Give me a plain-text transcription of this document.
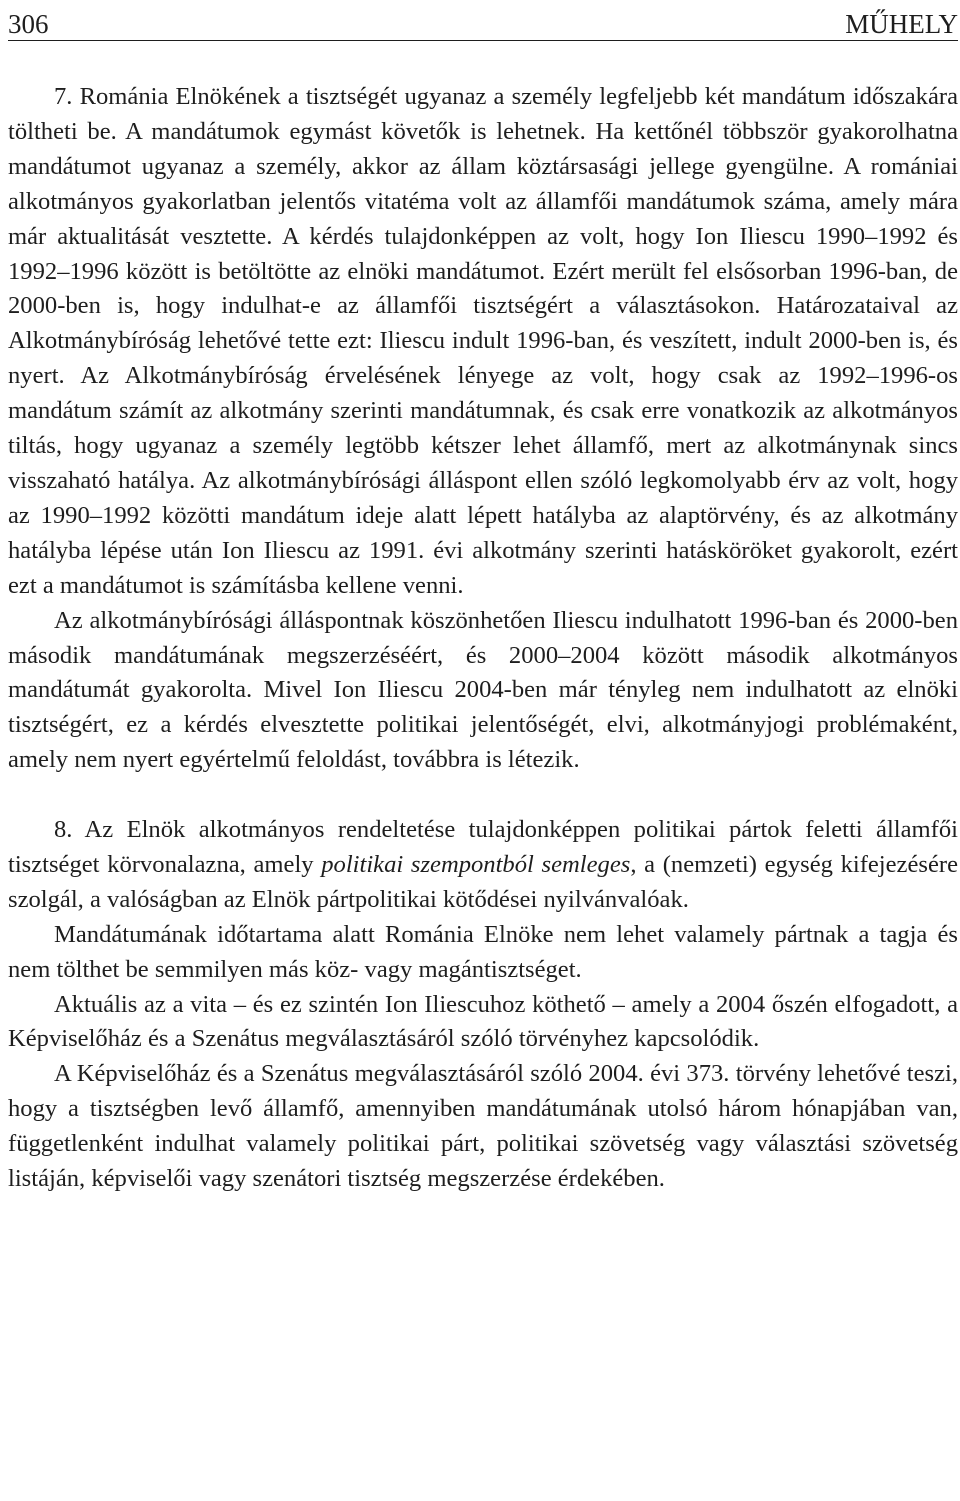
306	MŰHELY

7. Románia Elnökének a tisztségét ugyanaz a személy legfeljebb két mandátum időszakára töltheti be. A mandátumok egymást követők is lehetnek. Ha kettőnél többször gyakorolhatna mandátumot ugyanaz a személy, akkor az állam köztársasági jellege gyengülne. A romániai alkotmányos gyakorlatban jelentős vitatéma volt az államfői mandátumok száma, amely mára már aktualitását vesztette. A kérdés tulajdonképpen az volt, hogy Ion Iliescu 1990–1992 és 1992–1996 között is betöltötte az elnöki mandátumot. Ezért merült fel elsősorban 1996-ban, de 2000-ben is, hogy indulhat-e az államfői tisztségért a választásokon. Határozataival az Alkotmánybíróság lehetővé tette ezt: Iliescu indult 1996-ban, és veszített, indult 2000-ben is, és nyert. Az Alkotmánybíróság érvelésének lényege az volt, hogy csak az 1992–1996-os mandátum számít az alkotmány szerinti mandátumnak, és csak erre vonatkozik az alkotmányos tiltás, hogy ugyanaz a személy legtöbb kétszer lehet államfő, mert az alkotmánynak sincs visszaható hatálya. Az alkotmánybírósági álláspont ellen szóló legkomolyabb érv az volt, hogy az 1990–1992 közötti mandátum ideje alatt lépett hatályba az alaptörvény, és az alkotmány hatályba lépése után Ion Iliescu az 1991. évi alkotmány szerinti hatásköröket gyakorolt, ezért ezt a mandátumot is számításba kellene venni.

Az alkotmánybírósági álláspontnak köszönhetően Iliescu indulhatott 1996-ban és 2000-ben második mandátumának megszerzéséért, és 2000–2004 között második alkotmányos mandátumát gyakorolta. Mivel Ion Iliescu 2004-ben már tényleg nem indulhatott az elnöki tisztségért, ez a kérdés elvesztette politikai jelentőségét, elvi, alkotmányjogi problémaként, amely nem nyert egyértelmű feloldást, továbbra is létezik.

8. Az Elnök alkotmányos rendeltetése tulajdonképpen politikai pártok feletti államfői tisztséget körvonalazna, amely politikai szempontból semleges, a (nemzeti) egység kifejezésére szolgál, a valóságban az Elnök pártpolitikai kötődései nyilvánvalóak.

Mandátumának időtartama alatt Románia Elnöke nem lehet valamely pártnak a tagja és nem tölthet be semmilyen más köz- vagy magántisztséget.

Aktuális az a vita – és ez szintén Ion Iliescuhoz köthető – amely a 2004 őszén elfogadott, a Képviselőház és a Szenátus megválasztásáról szóló törvényhez kapcsolódik.

A Képviselőház és a Szenátus megválasztásáról szóló 2004. évi 373. törvény lehetővé teszi, hogy a tisztségben levő államfő, amennyiben mandátumának utolsó három hónapjában van, függetlenként indulhat valamely politikai párt, politikai szövetség vagy választási szövetség listáján, képviselői vagy szenátori tisztség megszerzése érdekében.
